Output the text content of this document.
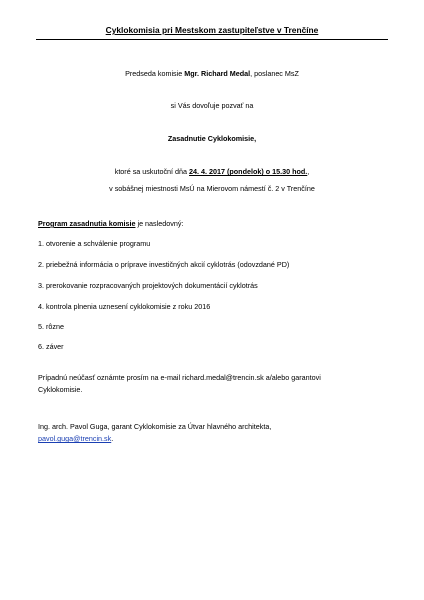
Cyklokomisia pri Mestskom zastupiteľstve v Trenčíne
Predseda komisie Mgr. Richard Medal, poslanec MsZ
si Vás dovoľuje pozvať na
Zasadnutie Cyklokomisie,
ktoré sa uskutoční dňa 24. 4. 2017 (pondelok) o 15.30 hod.,
v sobášnej miestnosti MsÚ na Mierovom námestí č. 2 v Trenčíne
Program zasadnutia komisie je nasledovný:
1. otvorenie a schválenie programu
2. priebežná informácia o príprave investičných akcií cyklotrás (odovzdané PD)
3. prerokovanie rozpracovaných projektových dokumentácií cyklotrás
4. kontrola plnenia uznesení cyklokomisie z roku 2016
5. rôzne
6. záver
Prípadnú neúčasť oznámte prosím na e-mail richard.medal@trencin.sk a/alebo garantovi
Cyklokomisie.
Ing. arch. Pavol Guga, garant Cyklokomisie za Útvar hlavného architekta,
pavol.guga@trencin.sk.
